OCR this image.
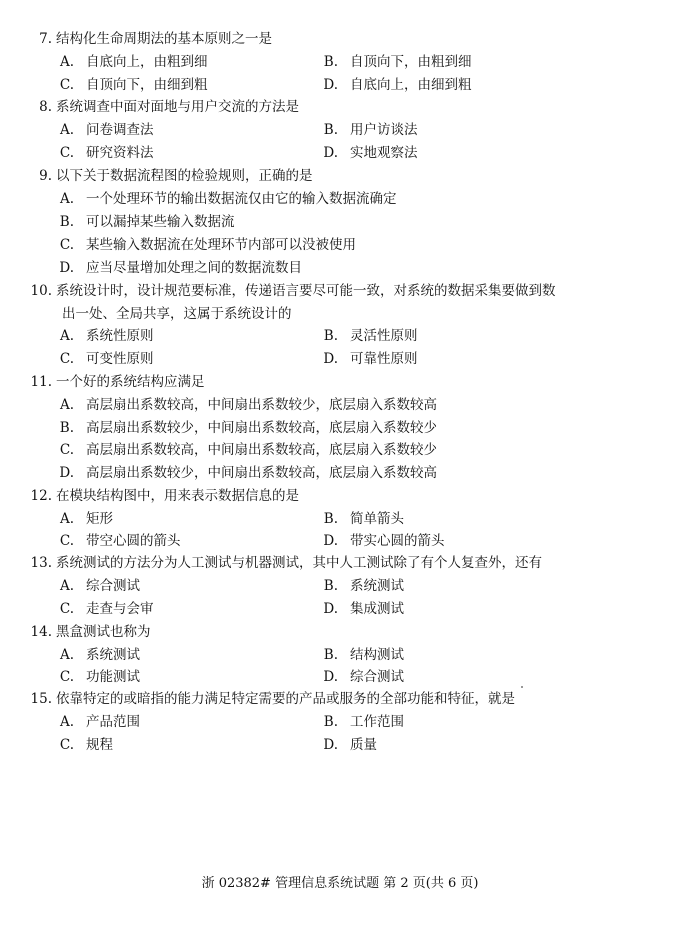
7. 结构化生命周期法的基本原则之一是
A. 自底向上，由粗到细	B. 自顶向下，由粗到细
C. 自顶向下，由细到粗	D. 自底向上，由细到粗
8. 系统调查中面对面地与用户交流的方法是
A. 问卷调查法	B. 用户访谈法
C. 研究资料法	D. 实地观察法
9. 以下关于数据流程图的检验规则，正确的是
A. 一个处理环节的输出数据流仅由它的输入数据流确定
B. 可以漏掉某些输入数据流
C. 某些输入数据流在处理环节内部可以没被使用
D. 应当尽量增加处理之间的数据流数目
10. 系统设计时，设计规范要标准，传递语言要尽可能一致，对系统的数据采集要做到数
出一处、全局共享，这属于系统设计的
A. 系统性原则	B. 灵活性原则
C. 可变性原则	D. 可靠性原则
11. 一个好的系统结构应满足
A. 高层扇出系数较高，中间扇出系数较少，底层扇入系数较高
B. 高层扇出系数较少，中间扇出系数较高，底层扇入系数较少
C. 高层扇出系数较高，中间扇出系数较高，底层扇入系数较少
D. 高层扇出系数较少，中间扇出系数较高，底层扇入系数较高
12. 在模块结构图中，用来表示数据信息的是
A. 矩形	B. 简单箭头
C. 带空心圆的箭头	D. 带实心圆的箭头
13. 系统测试的方法分为人工测试与机器测试，其中人工测试除了有个人复查外，还有
A. 综合测试	B. 系统测试
C. 走查与会审	D. 集成测试
14. 黑盒测试也称为
A. 系统测试	B. 结构测试
C. 功能测试	D. 综合测试
15. 依靠特定的或暗指的能力满足特定需要的产品或服务的全部功能和特征，就是
A. 产品范围	B. 工作范围
C. 规程	D. 质量
浙 02382# 管理信息系统试题 第 2 页(共 6 页)
